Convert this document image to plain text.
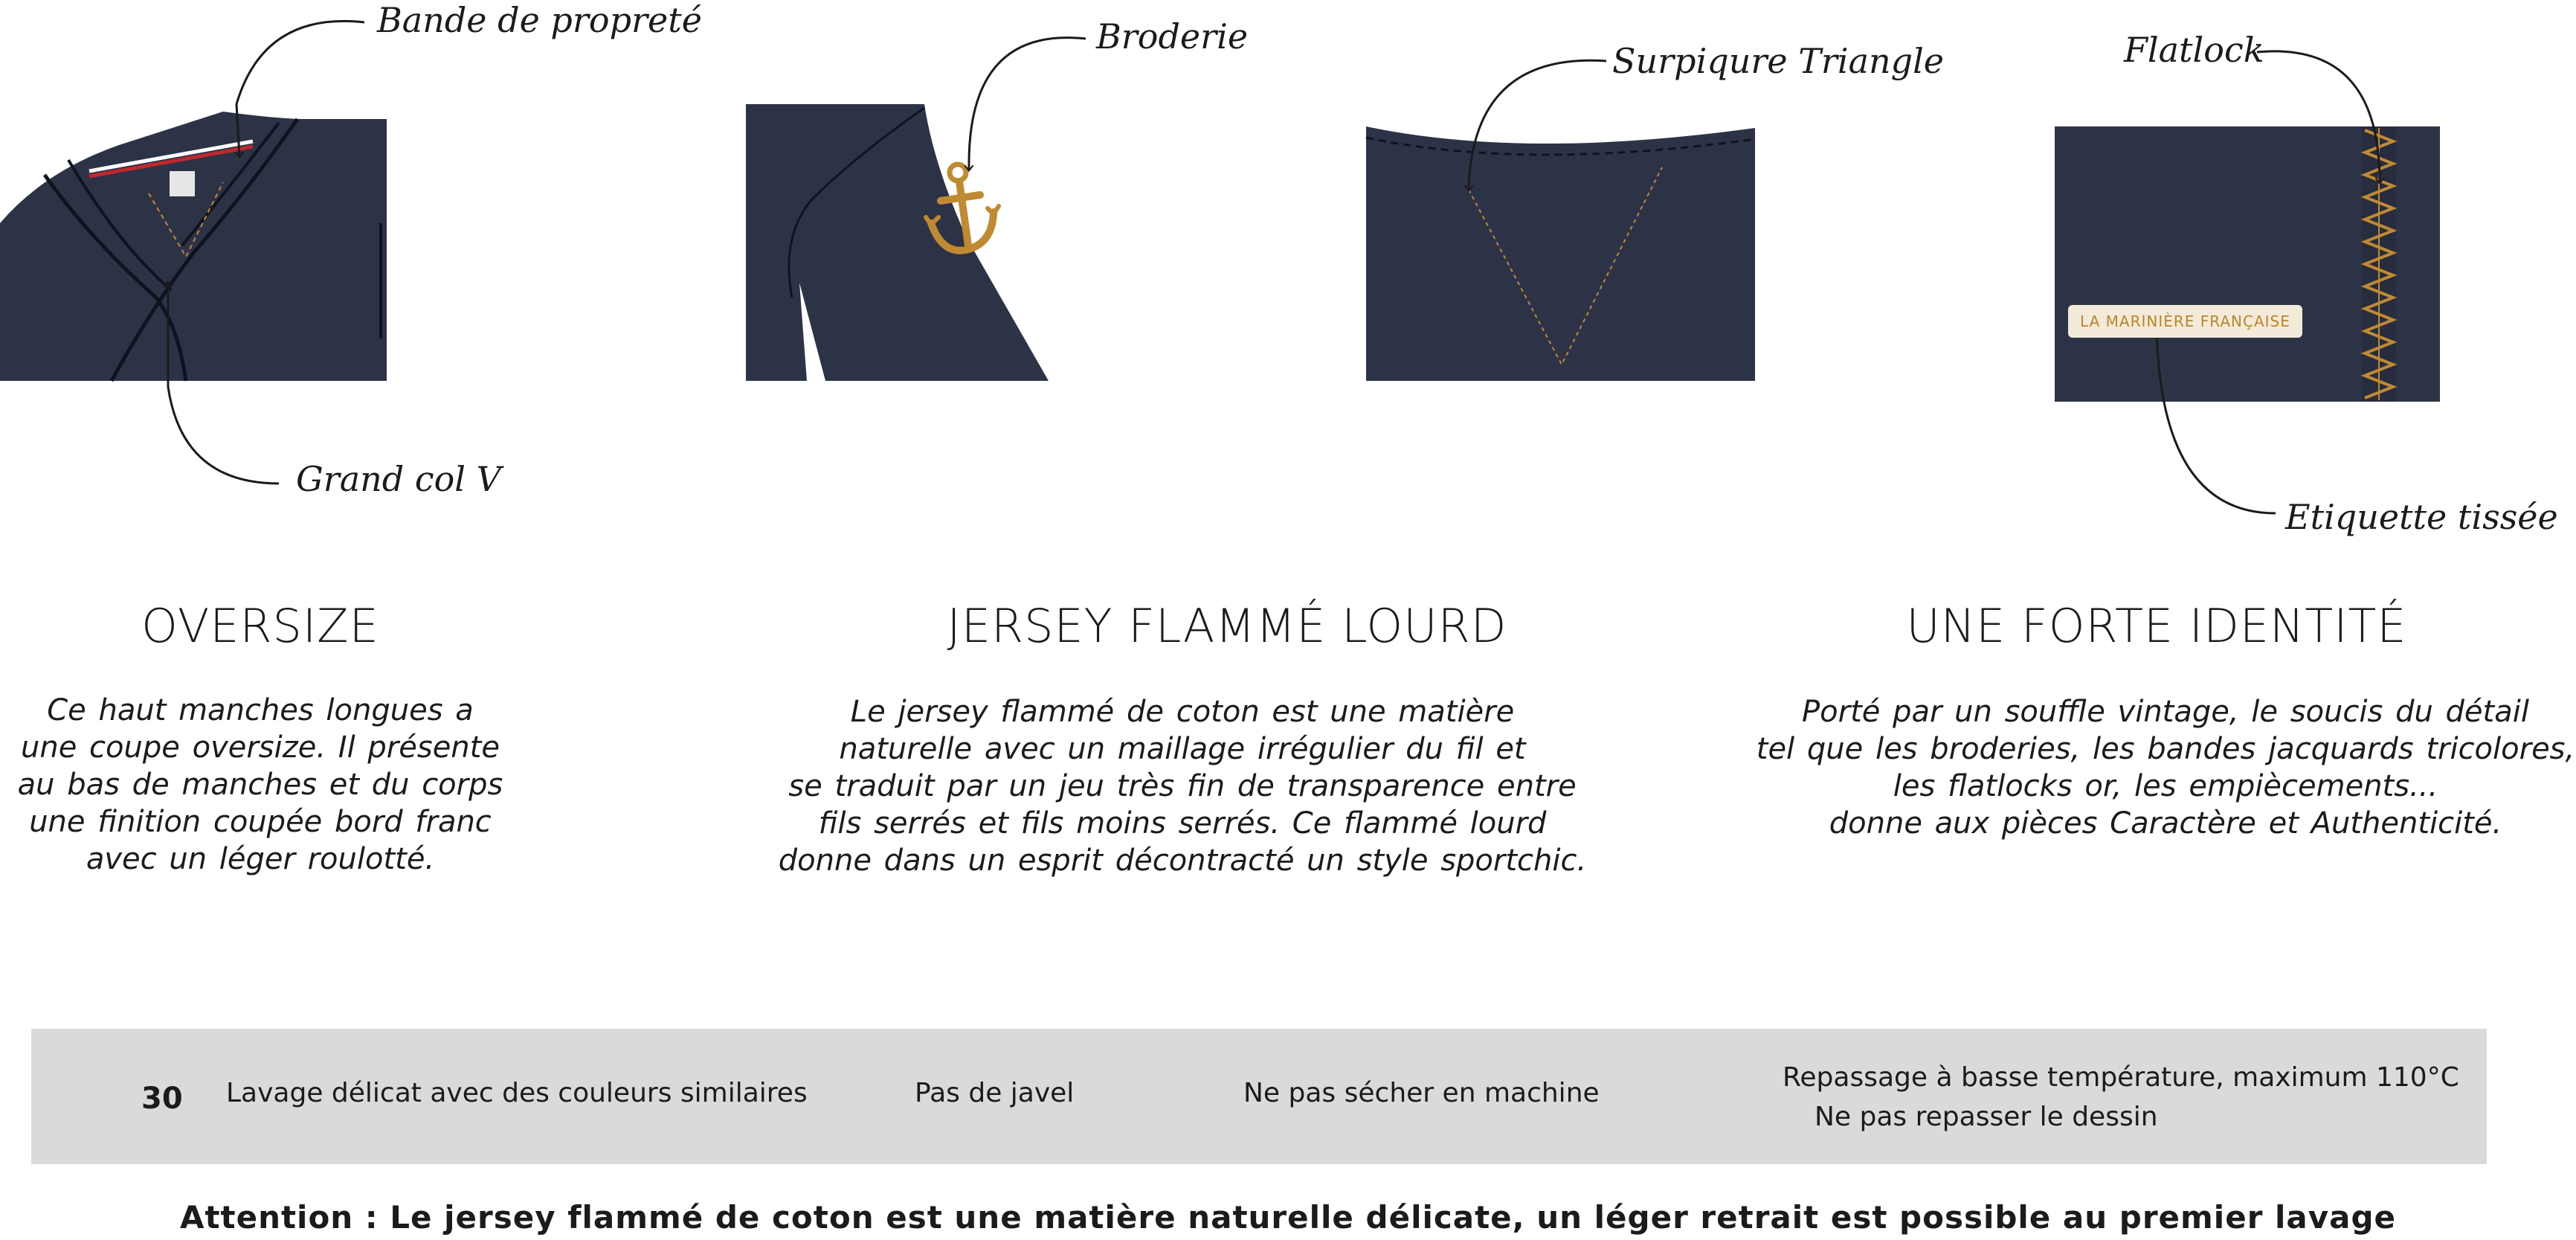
Bande de propreté
Grand col V
Broderie
Surpiqure Triangle	Flatlock
Etiquette tissée
LA MARINIÈRE FRANÇAISE
OVERSIZE	JERSEY FLAMMÉ LOURD	UNE FORTE IDENTITÉ
Ce haut manches longues a
une coupe oversize. Il présente
au bas de manches et du corps
une finition coupée bord franc
avec un léger roulotté.
Le jersey flammé de coton est une matière
naturelle avec un maillage irrégulier du fil et
se traduit par un jeu très fin de transparence entre
fils serrés et fils moins serrés. Ce flammé lourd
donne dans un esprit décontracté un style sportchic.
Porté par un souffle vintage, le soucis du détail
tel que les broderies, les bandes jacquards tricolores,
les flatlocks or, les empiècements...
donne aux pièces Caractère et Authenticité.
30 Lavage délicat avec des couleurs similaires	Pas de javel	Ne pas sécher en machine
Repassage à basse température, maximum 110°C
Ne pas repasser le dessin
Attention : Le jersey flammé de coton est une matière naturelle délicate, un léger retrait est possible au premier lavage
